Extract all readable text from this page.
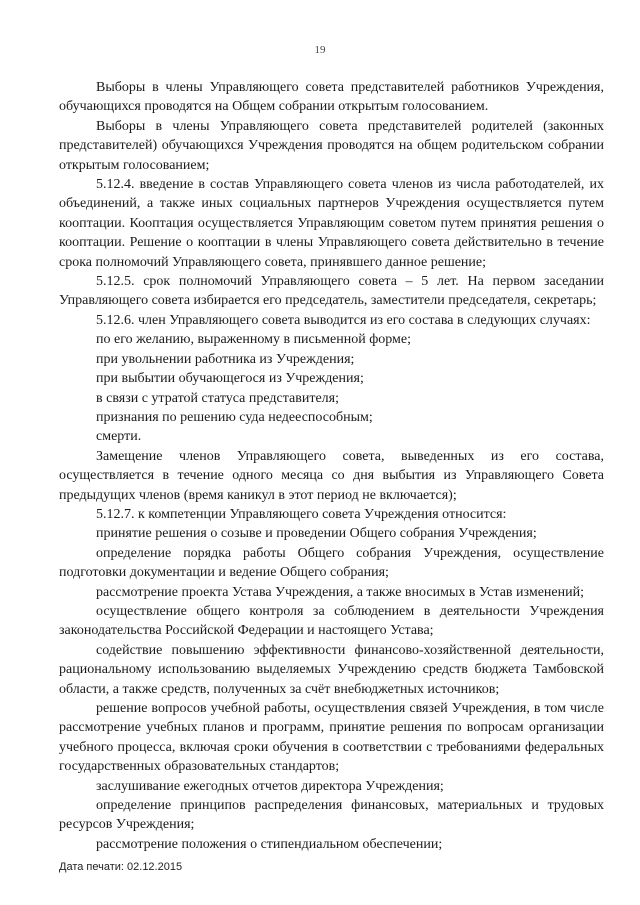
19

Выборы в члены Управляющего совета представителей работников Учреждения, обучающихся проводятся на Общем собрании открытым голосованием.

Выборы в члены Управляющего совета представителей родителей (законных представителей) обучающихся Учреждения проводятся на общем родительском собрании открытым голосованием;

5.12.4. введение в состав Управляющего совета членов из числа работодателей, их объединений, а также иных социальных партнеров Учреждения осуществляется путем кооптации. Кооптация осуществляется Управляющим советом путем принятия решения о кооптации. Решение о кооптации в члены Управляющего совета действительно в течение срока полномочий Управляющего совета, принявшего данное решение;

5.12.5. срок полномочий Управляющего совета – 5 лет. На первом заседании Управляющего совета избирается его председатель, заместители председателя, секретарь;

5.12.6. член Управляющего совета выводится из его состава в следующих случаях:

по его желанию, выраженному в письменной форме;

при увольнении работника из Учреждения;

при выбытии обучающегося из Учреждения;

в связи с утратой статуса представителя;

признания по решению суда недееспособным;

смерти.

Замещение членов Управляющего совета, выведенных из его состава, осуществляется в течение одного месяца со дня выбытия из Управляющего Совета предыдущих членов (время каникул в этот период не включается);

5.12.7. к компетенции Управляющего совета Учреждения относится:

принятие решения о созыве и проведении Общего собрания Учреждения;

определение порядка работы Общего собрания Учреждения, осуществление подготовки документации и ведение Общего собрания;

рассмотрение проекта Устава Учреждения, а также вносимых в Устав изменений;

осуществление общего контроля за соблюдением в деятельности Учреждения законодательства Российской Федерации и настоящего Устава;

содействие повышению эффективности финансово-хозяйственной деятельности, рациональному использованию выделяемых Учреждению средств бюджета Тамбовской области, а также средств, полученных за счёт внебюджетных источников;

решение вопросов учебной работы, осуществления связей Учреждения, в том числе рассмотрение учебных планов и программ, принятие решения по вопросам организации учебного процесса, включая сроки обучения в соответствии с требованиями федеральных государственных образовательных стандартов;

заслушивание ежегодных отчетов директора Учреждения;

определение принципов распределения финансовых, материальных и трудовых ресурсов Учреждения;

рассмотрение положения о стипендиальном обеспечении;

Дата печати: 02.12.2015
